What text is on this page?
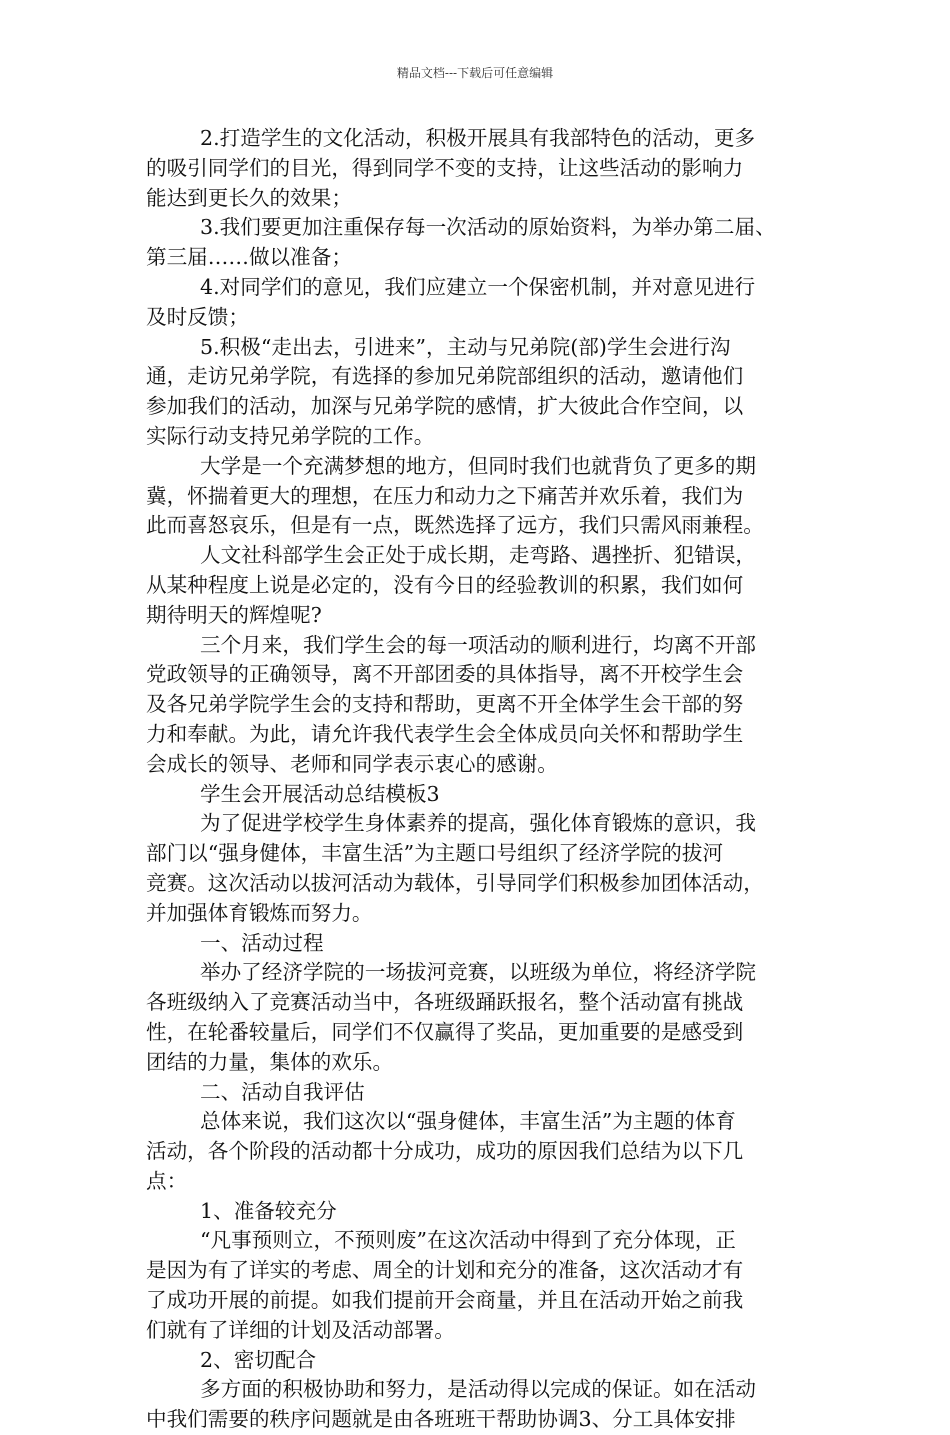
精品文档---下载后可任意编辑
2.打造学生的文化活动，积极开展具有我部特色的活动，更多
的吸引同学们的目光，得到同学不变的支持，让这些活动的影响力
能达到更长久的效果；
3.我们要更加注重保存每一次活动的原始资料，为举办第二届、
第三届……做以准备；
4.对同学们的意见，我们应建立一个保密机制，并对意见进行
及时反馈；
5.积极“走出去，引进来”，主动与兄弟院(部)学生会进行沟
通，走访兄弟学院，有选择的参加兄弟院部组织的活动，邀请他们
参加我们的活动，加深与兄弟学院的感情，扩大彼此合作空间，以
实际行动支持兄弟学院的工作。
大学是一个充满梦想的地方，但同时我们也就背负了更多的期
冀，怀揣着更大的理想，在压力和动力之下痛苦并欢乐着，我们为
此而喜怒哀乐，但是有一点，既然选择了远方，我们只需风雨兼程。
人文社科部学生会正处于成长期，走弯路、遇挫折、犯错误，
从某种程度上说是必定的，没有今日的经验教训的积累，我们如何
期待明天的辉煌呢?
三个月来，我们学生会的每一项活动的顺利进行，均离不开部
党政领导的正确领导，离不开部团委的具体指导，离不开校学生会
及各兄弟学院学生会的支持和帮助，更离不开全体学生会干部的努
力和奉献。为此，请允许我代表学生会全体成员向关怀和帮助学生
会成长的领导、老师和同学表示衷心的感谢。
学生会开展活动总结模板3
为了促进学校学生身体素养的提高，强化体育锻炼的意识，我
部门以“强身健体，丰富生活”为主题口号组织了经济学院的拔河
竞赛。这次活动以拔河活动为载体，引导同学们积极参加团体活动，
并加强体育锻炼而努力。
一、活动过程
举办了经济学院的一场拔河竞赛，以班级为单位，将经济学院
各班级纳入了竞赛活动当中，各班级踊跃报名，整个活动富有挑战
性，在轮番较量后，同学们不仅赢得了奖品，更加重要的是感受到
团结的力量，集体的欢乐。
二、活动自我评估
总体来说，我们这次以“强身健体，丰富生活”为主题的体育
活动，各个阶段的活动都十分成功，成功的原因我们总结为以下几
点：
1、准备较充分
“凡事预则立，不预则废”在这次活动中得到了充分体现，正
是因为有了详实的考虑、周全的计划和充分的准备，这次活动才有
了成功开展的前提。如我们提前开会商量，并且在活动开始之前我
们就有了详细的计划及活动部署。
2、密切配合
多方面的积极协助和努力，是活动得以完成的保证。如在活动
中我们需要的秩序问题就是由各班班干帮助协调3、分工具体安排
